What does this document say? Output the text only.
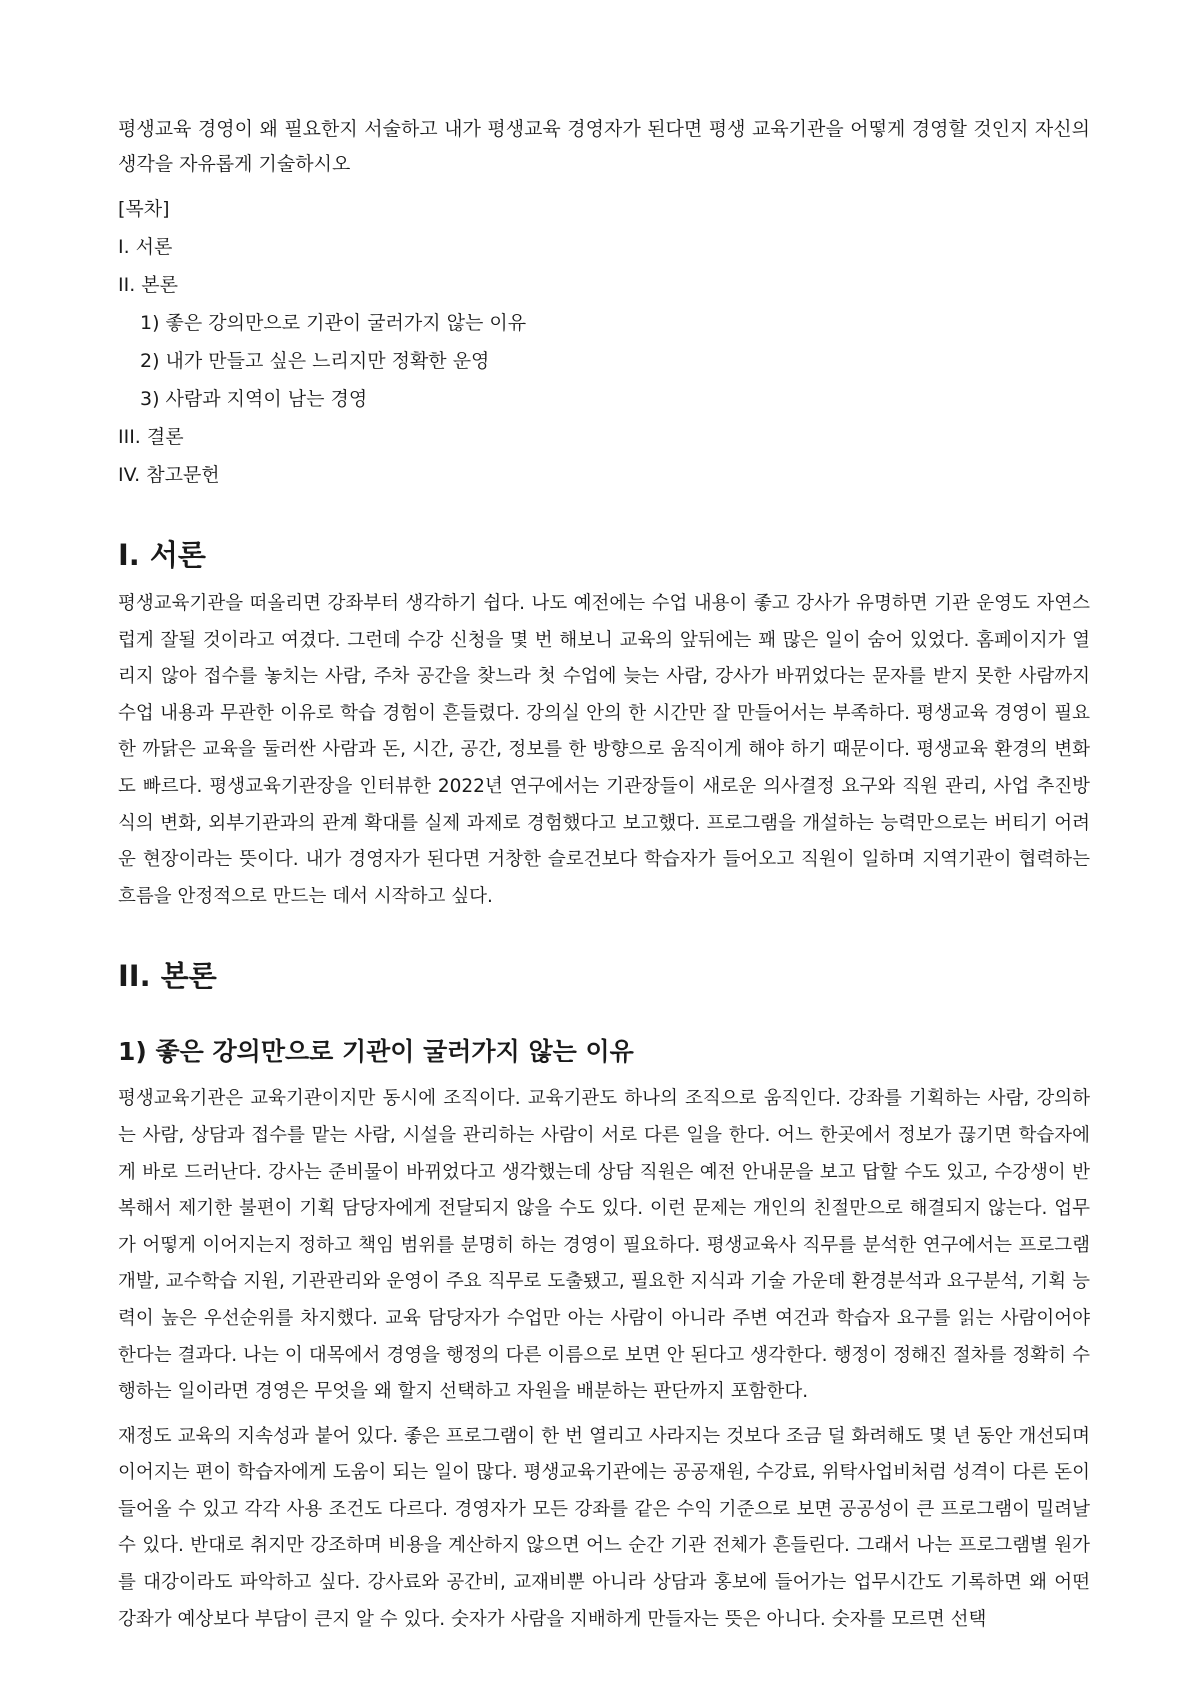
평생교육 경영이 왜 필요한지 서술하고 내가 평생교육 경영자가 된다면 평생 교육기관을 어떻게 경영할 것인지 자신의 생각을 자유롭게 기술하시오

[목차]
I. 서론
II. 본론
1) 좋은 강의만으로 기관이 굴러가지 않는 이유
2) 내가 만들고 싶은 느리지만 정확한 운영
3) 사람과 지역이 남는 경영
III. 결론
IV. 참고문헌
I. 서론

평생교육기관을 떠올리면 강좌부터 생각하기 쉽다. 나도 예전에는 수업 내용이 좋고 강사가 유명하면 기관 운영도 자연스럽게 잘될 것이라고 여겼다. 그런데 수강 신청을 몇 번 해보니 교육의 앞뒤에는 꽤 많은 일이 숨어 있었다. 홈페이지가 열리지 않아 접수를 놓치는 사람, 주차 공간을 찾느라 첫 수업에 늦는 사람, 강사가 바뀌었다는 문자를 받지 못한 사람까지 수업 내용과 무관한 이유로 학습 경험이 흔들렸다. 강의실 안의 한 시간만 잘 만들어서는 부족하다. 평생교육 경영이 필요한 까닭은 교육을 둘러싼 사람과 돈, 시간, 공간, 정보를 한 방향으로 움직이게 해야 하기 때문이다. 평생교육 환경의 변화도 빠르다. 평생교육기관장을 인터뷰한 2022년 연구에서는 기관장들이 새로운 의사결정 요구와 직원 관리, 사업 추진방식의 변화, 외부기관과의 관계 확대를 실제 과제로 경험했다고 보고했다. 프로그램을 개설하는 능력만으로는 버티기 어려운 현장이라는 뜻이다. 내가 경영자가 된다면 거창한 슬로건보다 학습자가 들어오고 직원이 일하며 지역기관이 협력하는 흐름을 안정적으로 만드는 데서 시작하고 싶다.

II. 본론
1) 좋은 강의만으로 기관이 굴러가지 않는 이유

평생교육기관은 교육기관이지만 동시에 조직이다. 교육기관도 하나의 조직으로 움직인다. 강좌를 기획하는 사람, 강의하는 사람, 상담과 접수를 맡는 사람, 시설을 관리하는 사람이 서로 다른 일을 한다. 어느 한곳에서 정보가 끊기면 학습자에게 바로 드러난다. 강사는 준비물이 바뀌었다고 생각했는데 상담 직원은 예전 안내문을 보고 답할 수도 있고, 수강생이 반복해서 제기한 불편이 기획 담당자에게 전달되지 않을 수도 있다. 이런 문제는 개인의 친절만으로 해결되지 않는다. 업무가 어떻게 이어지는지 정하고 책임 범위를 분명히 하는 경영이 필요하다. 평생교육사 직무를 분석한 연구에서는 프로그램 개발, 교수학습 지원, 기관관리와 운영이 주요 직무로 도출됐고, 필요한 지식과 기술 가운데 환경분석과 요구분석, 기획 능력이 높은 우선순위를 차지했다. 교육 담당자가 수업만 아는 사람이 아니라 주변 여건과 학습자 요구를 읽는 사람이어야 한다는 결과다. 나는 이 대목에서 경영을 행정의 다른 이름으로 보면 안 된다고 생각한다. 행정이 정해진 절차를 정확히 수행하는 일이라면 경영은 무엇을 왜 할지 선택하고 자원을 배분하는 판단까지 포함한다.

재정도 교육의 지속성과 붙어 있다. 좋은 프로그램이 한 번 열리고 사라지는 것보다 조금 덜 화려해도 몇 년 동안 개선되며 이어지는 편이 학습자에게 도움이 되는 일이 많다. 평생교육기관에는 공공재원, 수강료, 위탁사업비처럼 성격이 다른 돈이 들어올 수 있고 각각 사용 조건도 다르다. 경영자가 모든 강좌를 같은 수익 기준으로 보면 공공성이 큰 프로그램이 밀려날 수 있다. 반대로 취지만 강조하며 비용을 계산하지 않으면 어느 순간 기관 전체가 흔들린다. 그래서 나는 프로그램별 원가를 대강이라도 파악하고 싶다. 강사료와 공간비, 교재비뿐 아니라 상담과 홍보에 들어가는 업무시간도 기록하면 왜 어떤 강좌가 예상보다 부담이 큰지 알 수 있다. 숫자가 사람을 지배하게 만들자는 뜻은 아니다. 숫자를 모르면 선택
